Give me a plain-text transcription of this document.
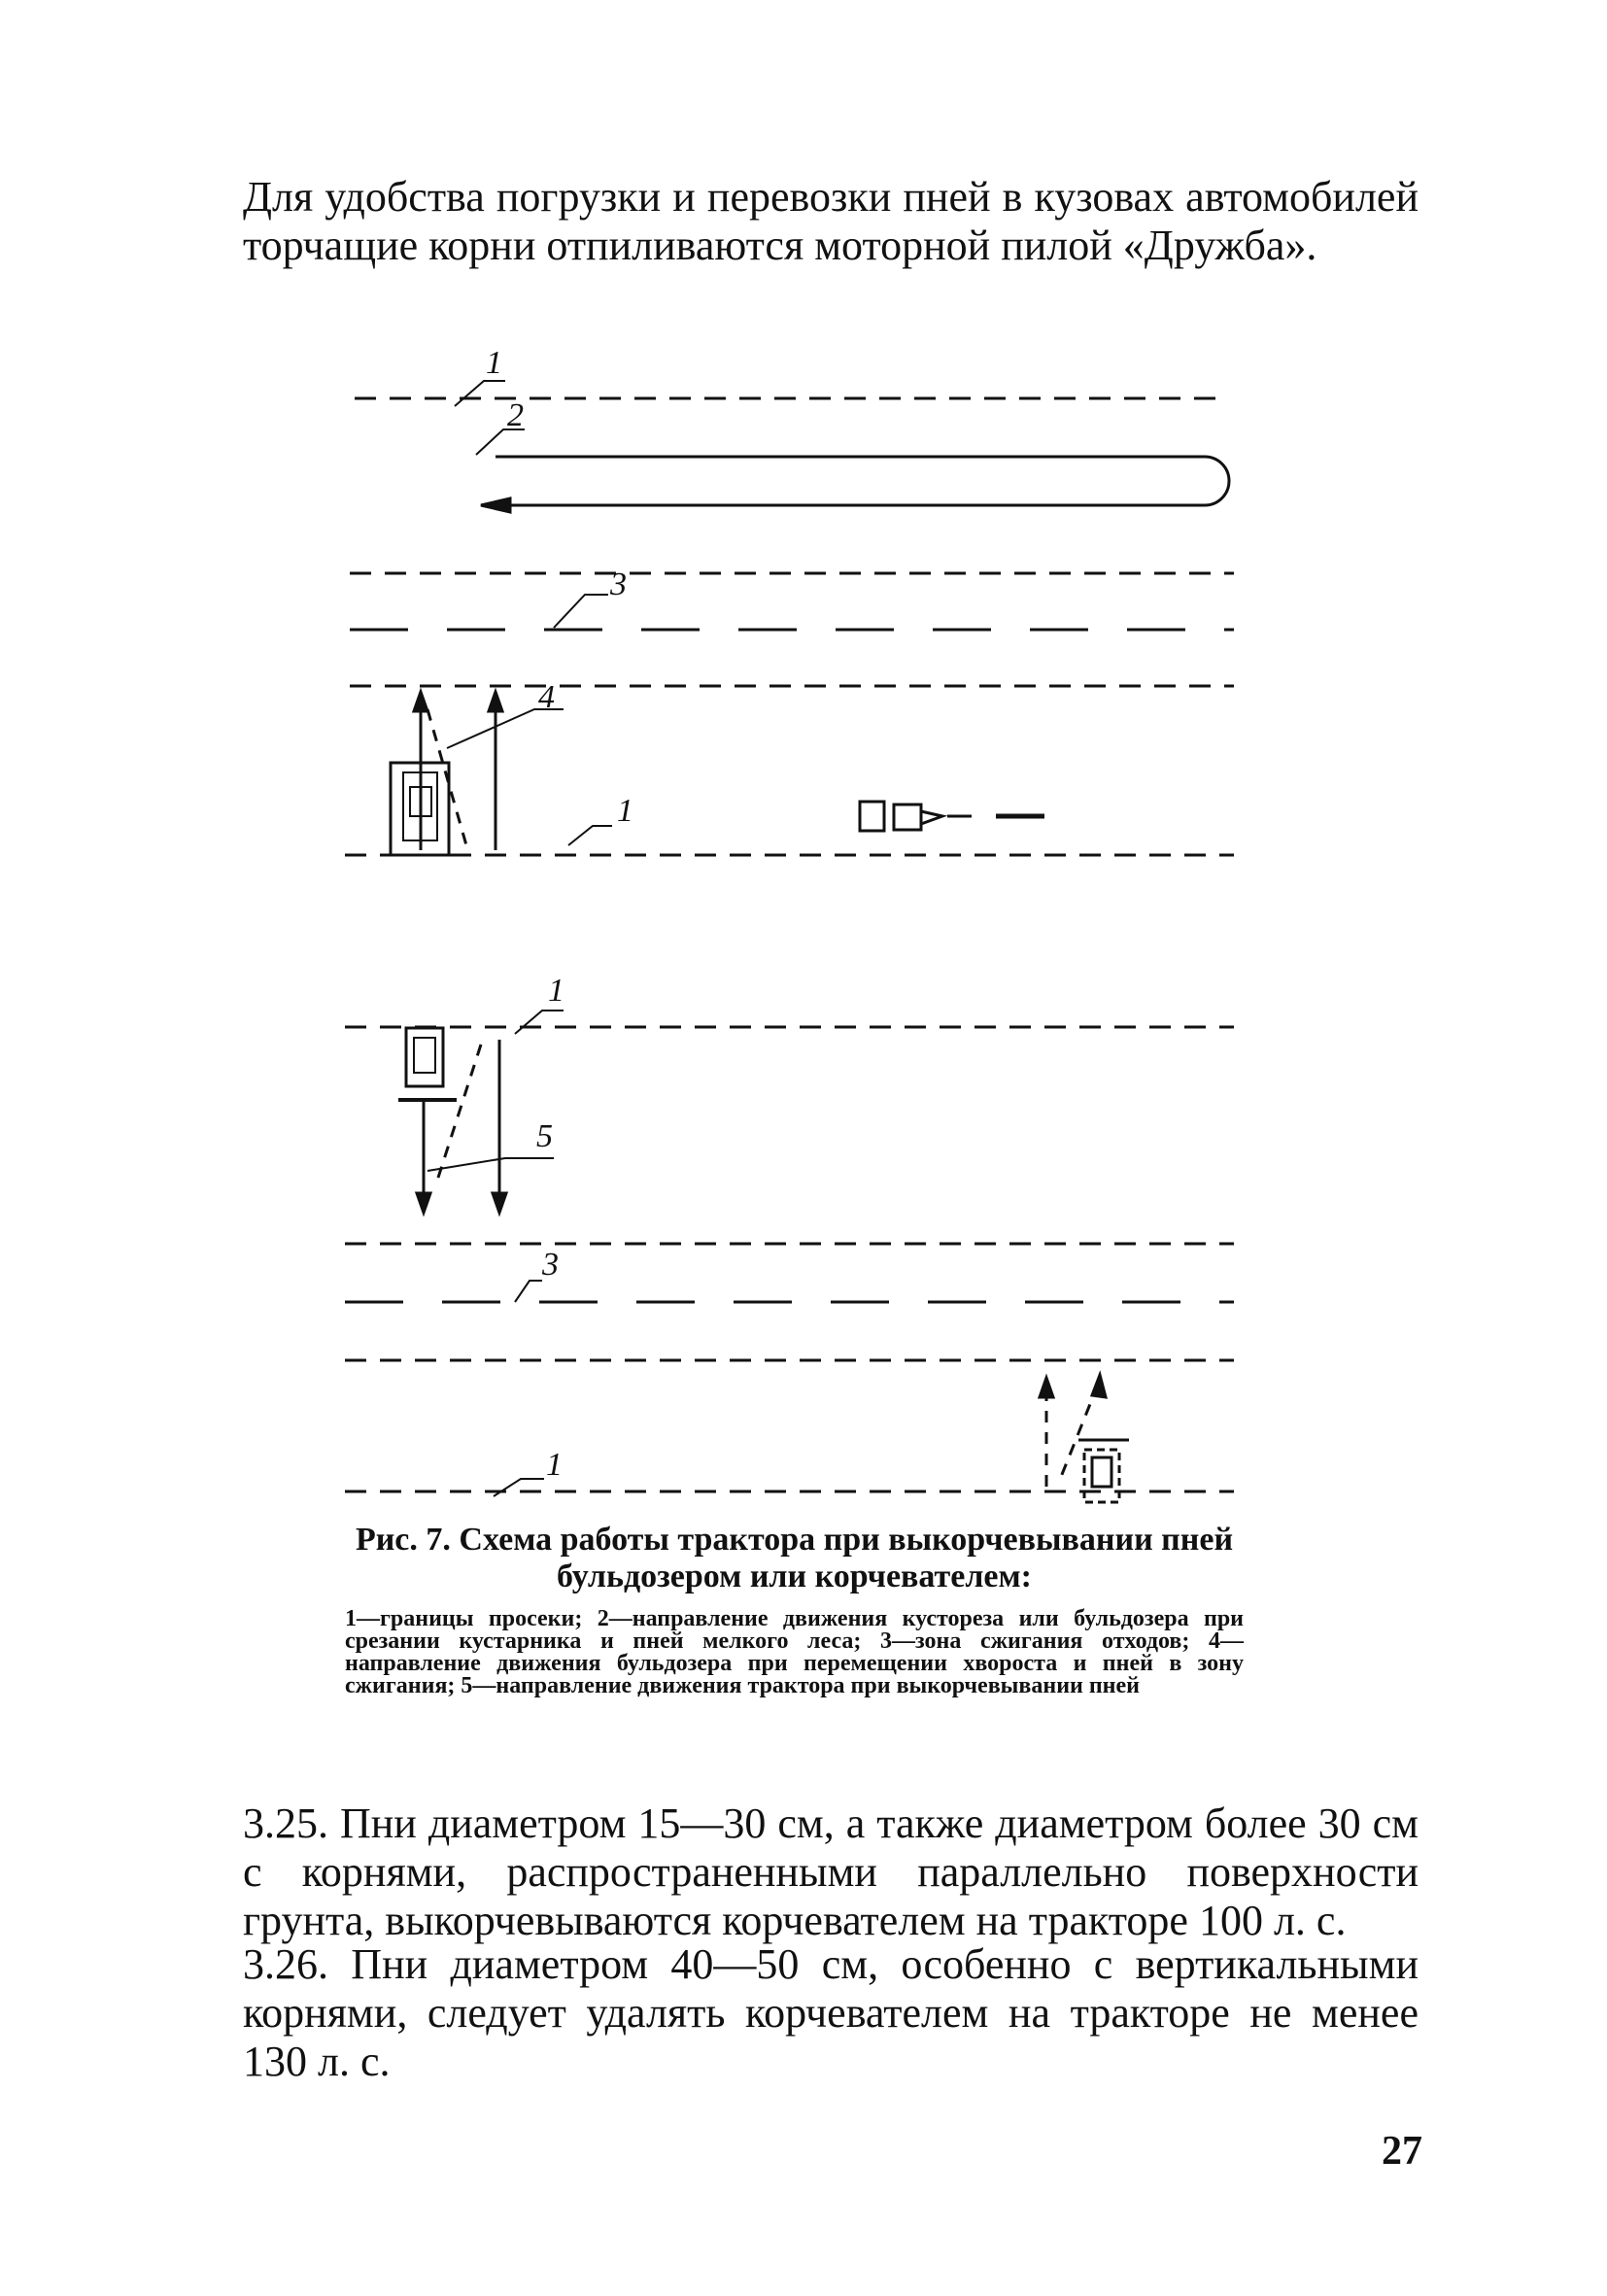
Для удобства погрузки и перевозки пней в кузовах автомобилей торчащие корни отпиливаются моторной пилой «Дружба».

1
2
3
4
1
1
5
3
1

Рис. 7. Схема работы трактора при выкорчевывании пней бульдозером или корчевателем:

1—границы просеки; 2—направление движения кустореза или бульдозера при срезании кустарника и пней мелкого леса; 3—зона сжигания отходов; 4—направление движения бульдозера при перемещении хвороста и пней в зону сжигания; 5—направление движения трактора при выкорчевывании пней

3.25. Пни диаметром 15—30 см, а также диаметром более 30 см с корнями, распространенными параллельно поверхности грунта, выкорчевываются корчевателем на тракторе 100 л. с.

3.26. Пни диаметром 40—50 см, особенно с вертикальными корнями, следует удалять корчевателем на тракторе не менее 130 л. с.

27
